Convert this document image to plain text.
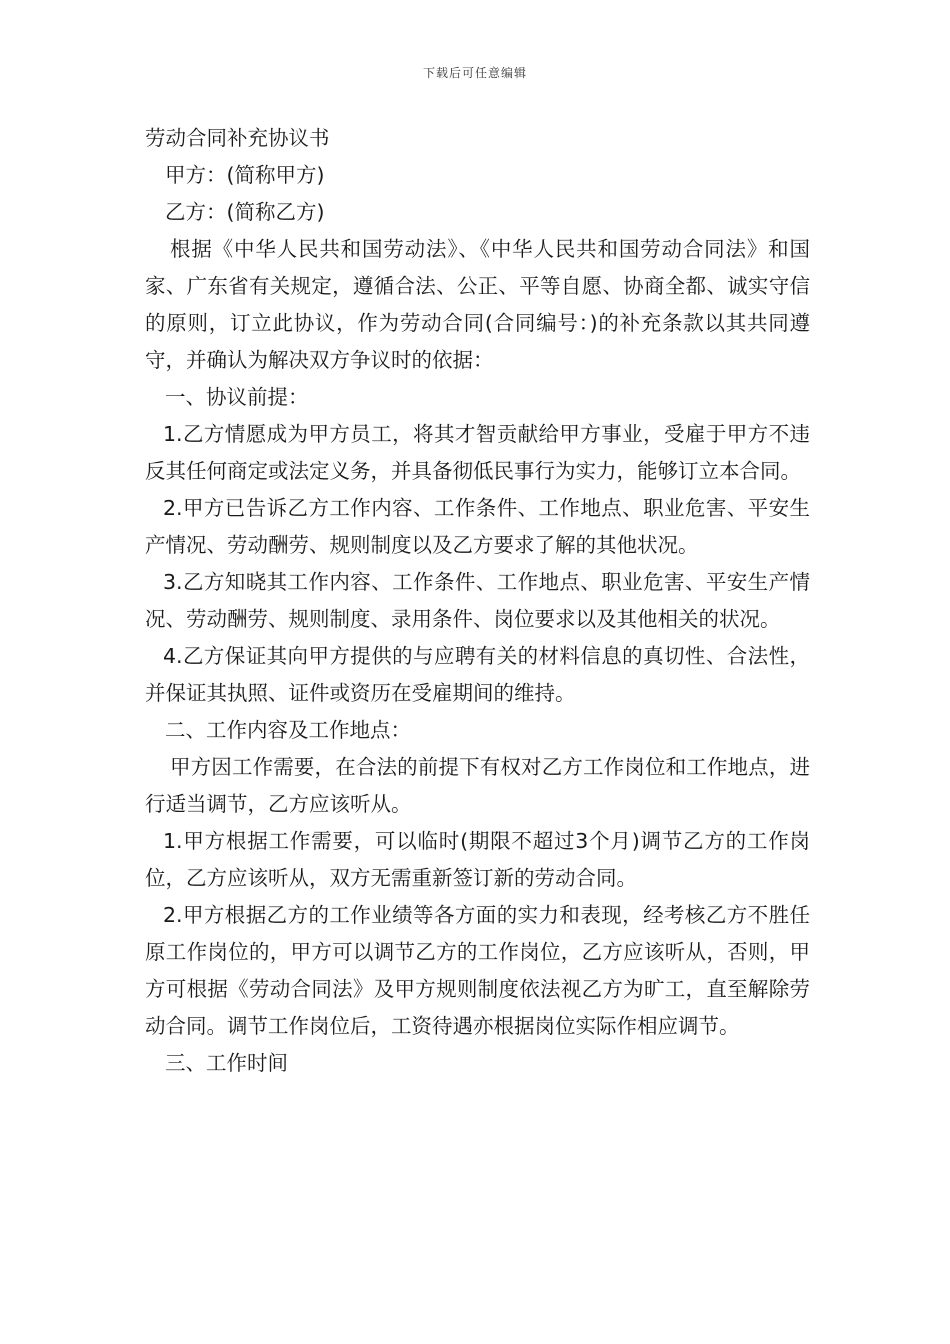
下载后可任意编辑
劳动合同补充协议书
甲方：(简称甲方)
乙方：(简称乙方)
根据《中华人民共和国劳动法》、《中华人民共和国劳动合同法》和国家、广东省有关规定，遵循合法、公正、平等自愿、协商全都、诚实守信的原则，订立此协议，作为劳动合同(合同编号：)的补充条款以其共同遵守，并确认为解决双方争议时的依据：
一、协议前提：
1.乙方情愿成为甲方员工，将其才智贡献给甲方事业，受雇于甲方不违反其任何商定或法定义务，并具备彻低民事行为实力，能够订立本合同。
2.甲方已告诉乙方工作内容、工作条件、工作地点、职业危害、平安生产情况、劳动酬劳、规则制度以及乙方要求了解的其他状况。
3.乙方知晓其工作内容、工作条件、工作地点、职业危害、平安生产情况、劳动酬劳、规则制度、录用条件、岗位要求以及其他相关的状况。
4.乙方保证其向甲方提供的与应聘有关的材料信息的真切性、合法性，并保证其执照、证件或资历在受雇期间的维持。
二、工作内容及工作地点：
甲方因工作需要，在合法的前提下有权对乙方工作岗位和工作地点，进行适当调节，乙方应该听从。
1.甲方根据工作需要，可以临时(期限不超过3个月)调节乙方的工作岗位，乙方应该听从，双方无需重新签订新的劳动合同。
2.甲方根据乙方的工作业绩等各方面的实力和表现，经考核乙方不胜任原工作岗位的，甲方可以调节乙方的工作岗位，乙方应该听从，否则，甲方可根据《劳动合同法》及甲方规则制度依法视乙方为旷工，直至解除劳动合同。调节工作岗位后，工资待遇亦根据岗位实际作相应调节。
三、工作时间
